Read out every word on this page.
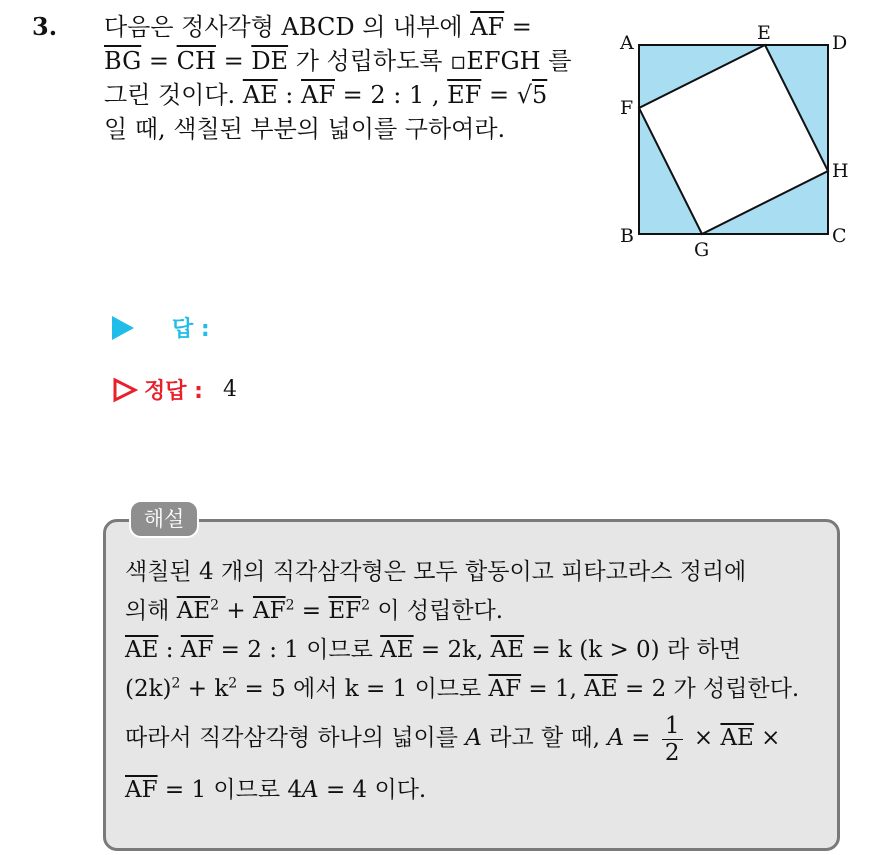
3. 다음은 정사각형 ABCD 의 내부에 $\overline{AF}$ =
$\overline{BG} = \overline{CH} = \overline{DE}$ 가 성립하도록 ▫EFGH 를
그린 것이다. $\overline{AE}$ : $\overline{AF} = 2$ : 1 , $\overline{EF} = √5$
일 때, 색칠된 부분의 넓이를 구하여라.
A	E	D
F
H
B
G
C
답 :
정답 : 4
해설
색칠된 4 개의 직각삼각형은 모두 합동이고 피타고라스 정리에
의해 $\overline{AE}^2 + \overline{AF}^2 = \overline{EF}^2$ 이 성립한다.
$\overline{AE}$ : $\overline{AF} = 2$ : 1 이므로 $\overline{AE} = 2k$, $\overline{AE} = k$ (k > 0) 라 하면
$(2k)^2 + k^2 = 5$ 에서 k = 1 이므로 $\overline{AF} = 1$, $\overline{AE} = 2$ 가 성립한다.
따라서 직각삼각형 하나의 넓이를 A 라고 할 때, $A = \frac{1}{2} \times \overline{AE}$ ×
$\overline{AF} = 1$ 이므로 4A = 4 이다.
